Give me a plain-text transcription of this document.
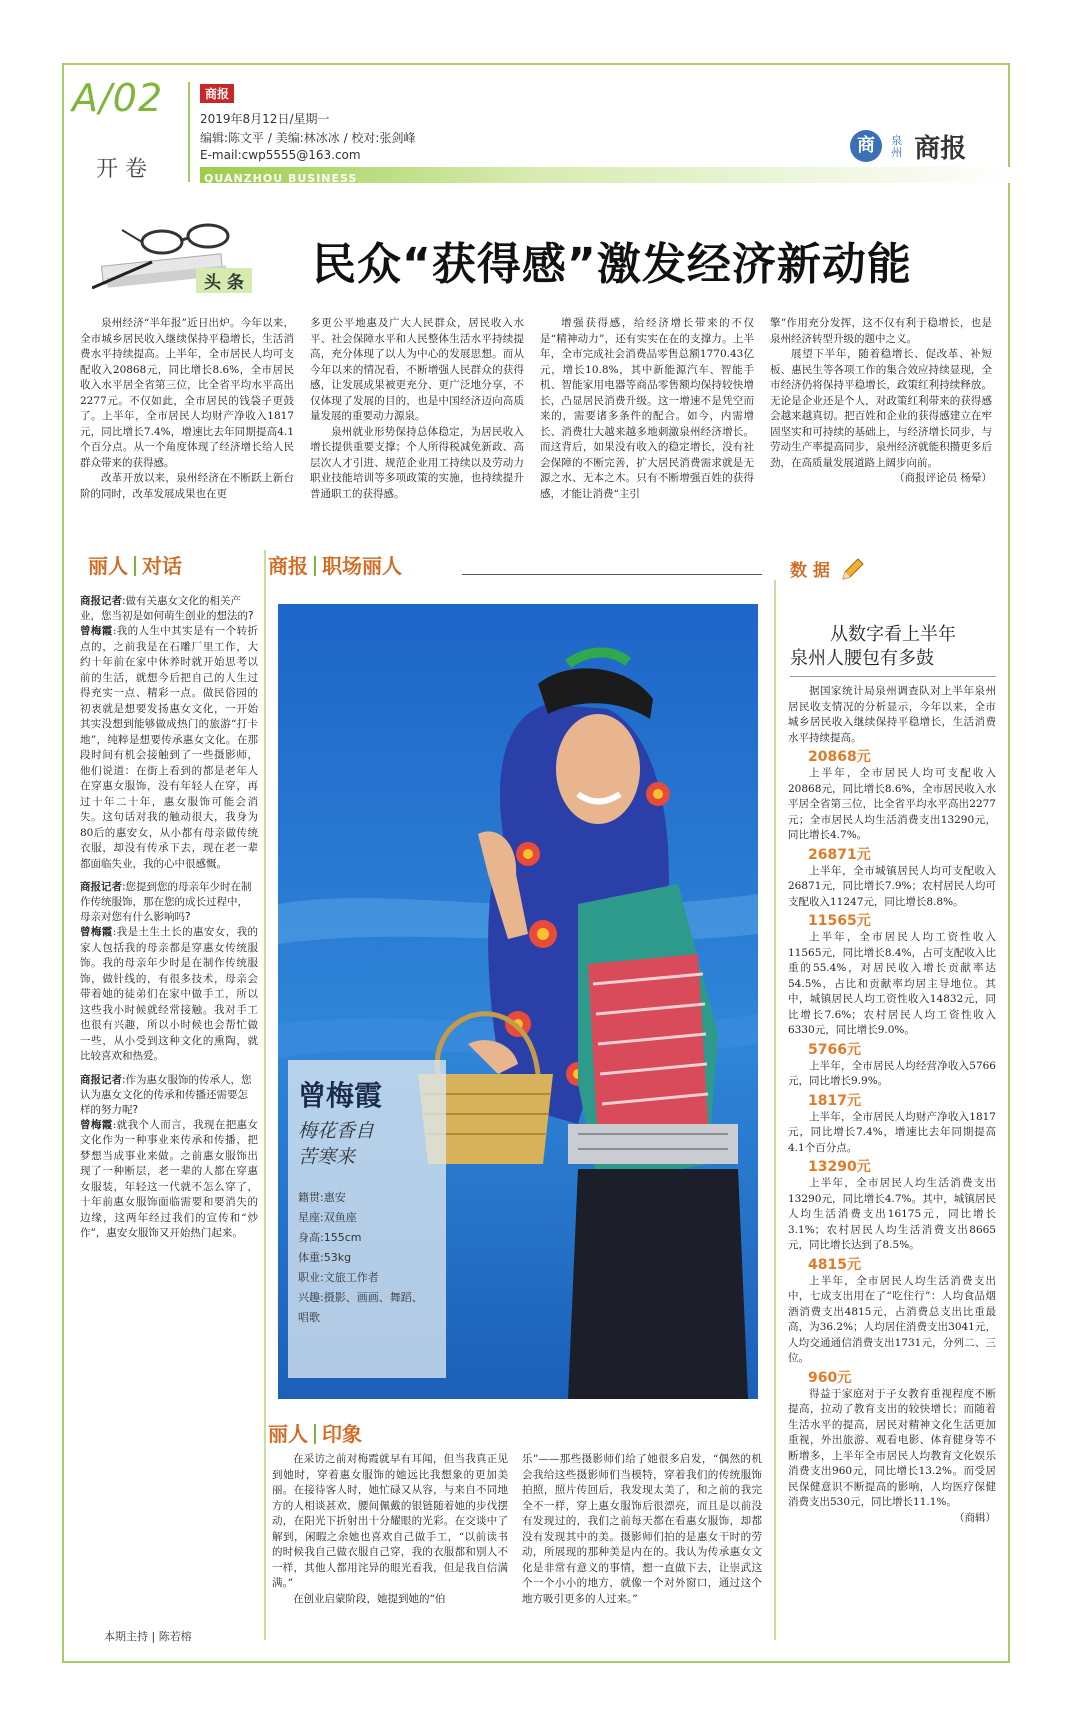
A/02
开 卷
商报
2019年8月12日/星期一
编辑:陈文平 / 美编:林冰冰 / 校对:张剑峰
E-mail:cwp5555@163.com
QUANZHOU BUSINESS
商 泉州 商报
头 条 民众“获得感”激发经济新动能

泉州经济“半年报”近日出炉。今年以来，全市城乡居民收入继续保持平稳增长，生活消费水平持续提高。上半年，全市居民人均可支配收入20868元，同比增长8.6%，全市居民收入水平居全省第三位，比全省平均水平高出2277元。不仅如此，全市居民的钱袋子更鼓了。上半年，全市居民人均财产净收入1817元，同比增长7.4%，增速比去年同期提高4.1个百分点。从一个角度体现了经济增长给人民群众带来的获得感。

改革开放以来，泉州经济在不断跃上新台阶的同时，改革发展成果也在更

多更公平地惠及广大人民群众，居民收入水平、社会保障水平和人民整体生活水平持续提高，充分体现了以人为中心的发展思想。而从今年以来的情况看，不断增强人民群众的获得感，让发展成果被更充分、更广泛地分享，不仅体现了发展的目的，也是中国经济迈向高质量发展的重要动力源泉。

泉州就业形势保持总体稳定，为居民收入增长提供重要支撑；个人所得税减免新政、高层次人才引进、规范企业用工持续以及劳动力职业技能培训等多项政策的实施，也持续提升普通职工的获得感。

增强获得感，给经济增长带来的不仅是“精神动力”，还有实实在在的支撑力。上半年，全市完成社会消费品零售总额1770.43亿元，增长10.8%，其中新能源汽车、智能手机、智能家用电器等商品零售额均保持较快增长，凸显居民消费升级。这一增速不是凭空而来的，需要诸多条件的配合。如今，内需增长、消费壮大越来越多地刺激泉州经济增长。而这背后，如果没有收入的稳定增长，没有社会保障的不断完善，扩大居民消费需求就是无源之水、无本之木。只有不断增强百姓的获得感，才能让消费“主引

擎”作用充分发挥，这不仅有利于稳增长，也是泉州经济转型升级的题中之义。

展望下半年，随着稳增长、促改革、补短板、惠民生等各项工作的集合效应持续显现，全市经济仍将保持平稳增长，政策红利持续释放。无论是企业还是个人，对政策红利带来的获得感会越来越真切。把百姓和企业的获得感建立在牢固坚实和可持续的基础上，与经济增长同步，与劳动生产率提高同步，泉州经济就能积攒更多后劲，在高质量发展道路上阔步向前。

（商报评论员 杨晕）

丽人 对话	商报 职场丽人	数 据

商报记者:做有关惠女文化的相关产业，您当初是如何萌生创业的想法的?

曾梅霞:我的人生中其实是有一个转折点的，之前我是在石雕厂里工作，大约十年前在家中休养时就开始思考以前的生活，就想今后把自己的人生过得充实一点、精彩一点。做民俗园的初衷就是想要发扬惠女文化，一开始其实没想到能够做成热门的旅游“打卡地”，纯粹是想要传承惠女文化。在那段时间有机会接触到了一些摄影师，他们说道：在街上看到的都是老年人在穿惠女服饰，没有年轻人在穿，再过十年二十年，惠女服饰可能会消失。这句话对我的触动很大，我身为80后的惠安女，从小都有母亲做传统衣服，却没有传承下去，现在老一辈都面临失业，我的心中很感慨。

商报记者:您提到您的母亲年少时在制作传统服饰，那在您的成长过程中，母亲对您有什么影响吗?

曾梅霞:我是土生土长的惠安女，我的家人包括我的母亲都是穿惠女传统服饰。我的母亲年少时是在制作传统服饰，做针线的，有很多技术，母亲会带着她的徒弟们在家中做手工，所以这些我小时候就经常接触。我对手工也很有兴趣，所以小时候也会帮忙做一些，从小受到这种文化的熏陶，就比较喜欢和热爱。

商报记者:作为惠女服饰的传承人，您认为惠女文化的传承和传播还需要怎样的努力呢?

曾梅霞:就我个人而言，我现在把惠女文化作为一种事业来传承和传播，把梦想当成事业来做。之前惠女服饰出现了一种断层，老一辈的人都在穿惠女服装，年轻这一代就不怎么穿了，十年前惠女服饰面临需要和要消失的边缘，这两年经过我们的宣传和“炒作”，惠安女服饰又开始热门起来。

本期主持 | 陈若榕
曾梅霞
梅花香自
苦寒来
籍贯:惠安
星座:双鱼座
身高:155cm
体重:53kg
职业:文旅工作者
兴趣:摄影、画画、舞蹈、
唱歌
丽人 印象

在采访之前对梅霞就早有耳闻，但当我真正见到她时，穿着惠女服饰的她远比我想象的更加美丽。在接待客人时，她忙碌又从容，与来自不同地方的人相谈甚欢，腰间佩戴的银链随着她的步伐摆动，在阳光下折射出十分耀眼的光彩。在交谈中了解到，闲暇之余她也喜欢自己做手工，“以前读书的时候我自己做衣服自己穿，我的衣服都和别人不一样，其他人都用诧异的眼光看我，但是我自信满满。”

在创业启蒙阶段，她提到她的“伯

乐”——那些摄影师们给了她很多启发，“偶然的机会我给这些摄影师们当模特，穿着我们的传统服饰拍照，照片传回后，我发现太美了，和之前的我完全不一样，穿上惠女服饰后很漂亮，而且是以前没有发现过的，我们之前每天都在看惠女服饰，却都没有发现其中的美。摄影师们拍的是惠女干时的劳动，所展现的那种美是内在的。我认为传承惠女文化是非常有意义的事情，想一直做下去，让崇武这个一个小小的地方，就像一个对外窗口，通过这个地方吸引更多的人过来。”

从数字看上半年
泉州人腰包有多鼓

据国家统计局泉州调查队对上半年泉州居民收支情况的分析显示，今年以来，全市城乡居民收入继续保持平稳增长，生活消费水平持续提高。

20868元

上半年，全市居民人均可支配收入20868元，同比增长8.6%，全市居民收入水平居全省第三位，比全省平均水平高出2277元；全市居民人均生活消费支出13290元，同比增长4.7%。

26871元

上半年，全市城镇居民人均可支配收入26871元，同比增长7.9%；农村居民人均可支配收入11247元，同比增长8.8%。

11565元

上半年，全市居民人均工资性收入11565元，同比增长8.4%，占可支配收入比重的55.4%，对居民收入增长贡献率达54.5%，占比和贡献率均居主导地位。其中，城镇居民人均工资性收入14832元，同比增长7.6%；农村居民人均工资性收入6330元，同比增长9.0%。

5766元

上半年，全市居民人均经营净收入5766元，同比增长9.9%。

1817元

上半年，全市居民人均财产净收入1817元，同比增长7.4%，增速比去年同期提高4.1个百分点。

13290元

上半年，全市居民人均生活消费支出13290元，同比增长4.7%。其中，城镇居民人均生活消费支出16175元，同比增长3.1%；农村居民人均生活消费支出8665元，同比增长达到了8.5%。

4815元

上半年，全市居民人均生活消费支出中，七成支出用在了“吃住行”：人均食品烟酒消费支出4815元，占消费总支出比重最高，为36.2%；人均居住消费支出3041元，人均交通通信消费支出1731元，分列二、三位。

960元

得益于家庭对于子女教育重视程度不断提高，拉动了教育支出的较快增长；而随着生活水平的提高，居民对精神文化生活更加重视，外出旅游、观看电影、体育健身等不断增多，上半年全市居民人均教育文化娱乐消费支出960元，同比增长13.2%。而受居民保健意识不断提高的影响，人均医疗保健消费支出530元，同比增长11.1%。

（商辑）
